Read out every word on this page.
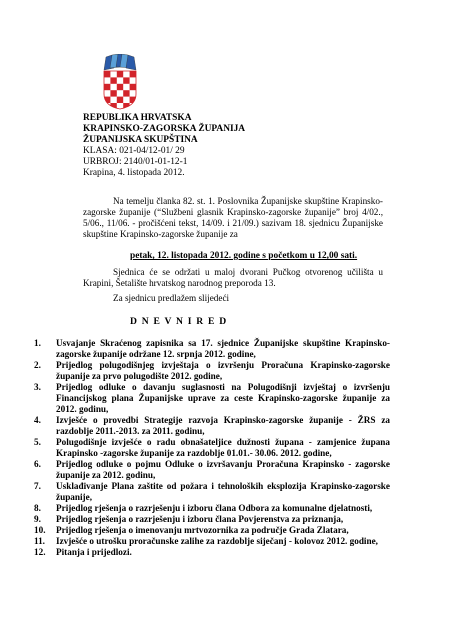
REPUBLIKA HRVATSKA
KRAPINSKO-ZAGORSKA ŽUPANIJA
ŽUPANIJSKA SKUPŠTINA
KLASA: 021-04/12-01/ 29
URBROJ: 2140/01-01-12-1
Krapina, 4. listopada 2012.
Na temelju članka 82. st. 1. Poslovnika Županijske skupštine Krapinsko-zagorske županije (“Službeni glasnik Krapinsko-zagorske županije” broj 4/02., 5/06., 11/06. - pročišćeni tekst, 14/09. i 21/09.) sazivam 18. sjednicu Županijske skupštine Krapinsko-zagorske županije za
petak, 12. listopada 2012. godine s početkom u 12,00 sati.
Sjednica će se održati u maloj dvorani Pučkog otvorenog učilišta u Krapini, Šetalište hrvatskog narodnog preporoda 13.
Za sjednicu predlažem slijedeći
D N E V N I R E D
1.	Usvajanje Skraćenog zapisnika sa 17. sjednice Županijske skupštine Krapinsko-zagorske županije održane 12. srpnja 2012. godine,
2.	Prijedlog polugodišnjeg izvještaja o izvršenju Proračuna Krapinsko-zagorske županije za prvo polugodište 2012. godine,
3.	Prijedlog odluke o davanju suglasnosti na Polugodišnji izvještaj o izvršenju Financijskog plana Županijske uprave za ceste Krapinsko-zagorske županije za 2012. godinu,
4.	Izvješće o provedbi Strategije razvoja Krapinsko-zagorske županije - ŽRS za razdoblje 2011.-2013. za 2011. godinu,
5.	Polugodišnje izvješće o radu obnašateljice dužnosti župana - zamjenice župana Krapinsko -zagorske županije za razdoblje 01.01.- 30.06. 2012. godine,
6.	Prijedlog odluke o pojmu Odluke o izvršavanju Proračuna Krapinsko - zagorske županije za 2012. godinu,
7.	Usklađivanje Plana zaštite od požara i tehnoloških eksplozija Krapinsko-zagorske županije,
8.	Prijedlog rješenja o razrješenju i izboru člana Odbora za komunalne djelatnosti,
9.	Prijedlog rješenja o razrješenju i izboru člana Povjerenstva za priznanja,
10.	Prijedlog rješenja o imenovanju mrtvozornika za područje Grada Zlatara,
11.	Izvješće o utrošku proračunske zalihe za razdoblje siječanj - kolovoz 2012. godine,
12.	Pitanja i prijedlozi.
